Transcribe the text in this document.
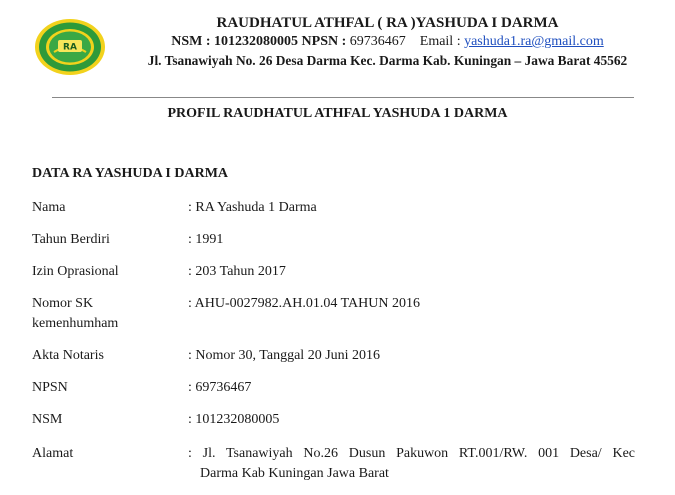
RA
RAUDHATUL ATHFAL ( RA )YASHUDA I DARMA
NSM : 101232080005 NPSN : 69736467 Email : yashuda1.ra@gmail.com
Jl. Tsanawiyah No. 26 Desa Darma Kec. Darma Kab. Kuningan – Jawa Barat 45562
PROFIL RAUDHATUL ATHFAL YASHUDA 1 DARMA
DATA RA YASHUDA I DARMA
Nama	: RA Yashuda 1 Darma
Tahun Berdiri	: 1991
Izin Oprasional	: 203 Tahun 2017
Nomor SK
kemenhumham
: AHU-0027982.AH.01.04 TAHUN 2016
Akta Notaris	: Nomor 30, Tanggal 20 Juni 2016
NPSN	: 69736467
NSM	: 101232080005
Alamat	: Jl. Tsanawiyah No.26 Dusun Pakuwon RT.001/RW. 001 Desa/ Kec
Darma Kab Kuningan Jawa Barat
